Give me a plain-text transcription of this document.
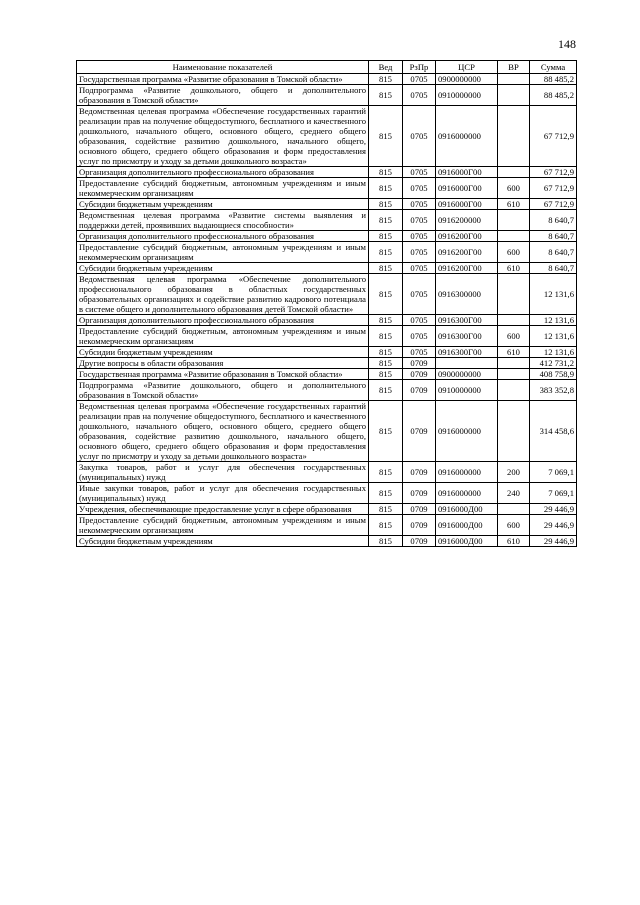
148
Наименование показателей	Вед	РзПр	ЦСР	ВР	Сумма
Государственная программа «Развитие образования в Томской области»	815	0705	0900000000		88 485,2
Подпрограмма «Развитие дошкольного, общего и дополнительного образования в Томской области»	815	0705	0910000000		88 485,2
Ведомственная целевая программа «Обеспечение государственных гарантий реализации прав на получение общедоступного, бесплатного и качественного дошкольного, начального общего, основного общего, среднего общего образования, содействие развитию дошкольного, начального общего, основного общего, среднего общего образования и форм предоставления услуг по присмотру и уходу за детьми дошкольного возраста»	815	0705	0916000000		67 712,9
Организация дополнительного профессионального образования	815	0705	0916000Г00		67 712,9
Предоставление субсидий бюджетным, автономным учреждениям и иным некоммерческим организациям	815	0705	0916000Г00	600	67 712,9
Субсидии бюджетным учреждениям	815	0705	0916000Г00	610	67 712,9
Ведомственная целевая программа «Развитие системы выявления и поддержки детей, проявивших выдающиеся способности»	815	0705	0916200000		8 640,7
Организация дополнительного профессионального образования	815	0705	0916200Г00		8 640,7
Предоставление субсидий бюджетным, автономным учреждениям и иным некоммерческим организациям	815	0705	0916200Г00	600	8 640,7
Субсидии бюджетным учреждениям	815	0705	0916200Г00	610	8 640,7
Ведомственная целевая программа «Обеспечение дополнительного профессионального образования в областных государственных образовательных организациях и содействие развитию кадрового потенциала в системе общего и дополнительного образования детей Томской области»	815	0705	0916300000		12 131,6
Организация дополнительного профессионального образования	815	0705	0916300Г00		12 131,6
Предоставление субсидий бюджетным, автономным учреждениям и иным некоммерческим организациям	815	0705	0916300Г00	600	12 131,6
Субсидии бюджетным учреждениям	815	0705	0916300Г00	610	12 131,6
Другие вопросы в области образования	815	0709			412 731,2
Государственная программа «Развитие образования в Томской области»	815	0709	0900000000		408 758,9
Подпрограмма «Развитие дошкольного, общего и дополнительного образования в Томской области»	815	0709	0910000000		383 352,8
Ведомственная целевая программа «Обеспечение государственных гарантий реализации прав на получение общедоступного, бесплатного и качественного дошкольного, начального общего, основного общего, среднего общего образования, содействие развитию дошкольного, начального общего, основного общего, среднего общего образования и форм предоставления услуг по присмотру и уходу за детьми дошкольного возраста»	815	0709	0916000000		314 458,6
Закупка товаров, работ и услуг для обеспечения государственных (муниципальных) нужд	815	0709	0916000000	200	7 069,1
Иные закупки товаров, работ и услуг для обеспечения государственных (муниципальных) нужд	815	0709	0916000000	240	7 069,1
Учреждения, обеспечивающие предоставление услуг в сфере образования	815	0709	0916000Д00		29 446,9
Предоставление субсидий бюджетным, автономным учреждениям и иным некоммерческим организациям	815	0709	0916000Д00	600	29 446,9
Субсидии бюджетным учреждениям	815	0709	0916000Д00	610	29 446,9
